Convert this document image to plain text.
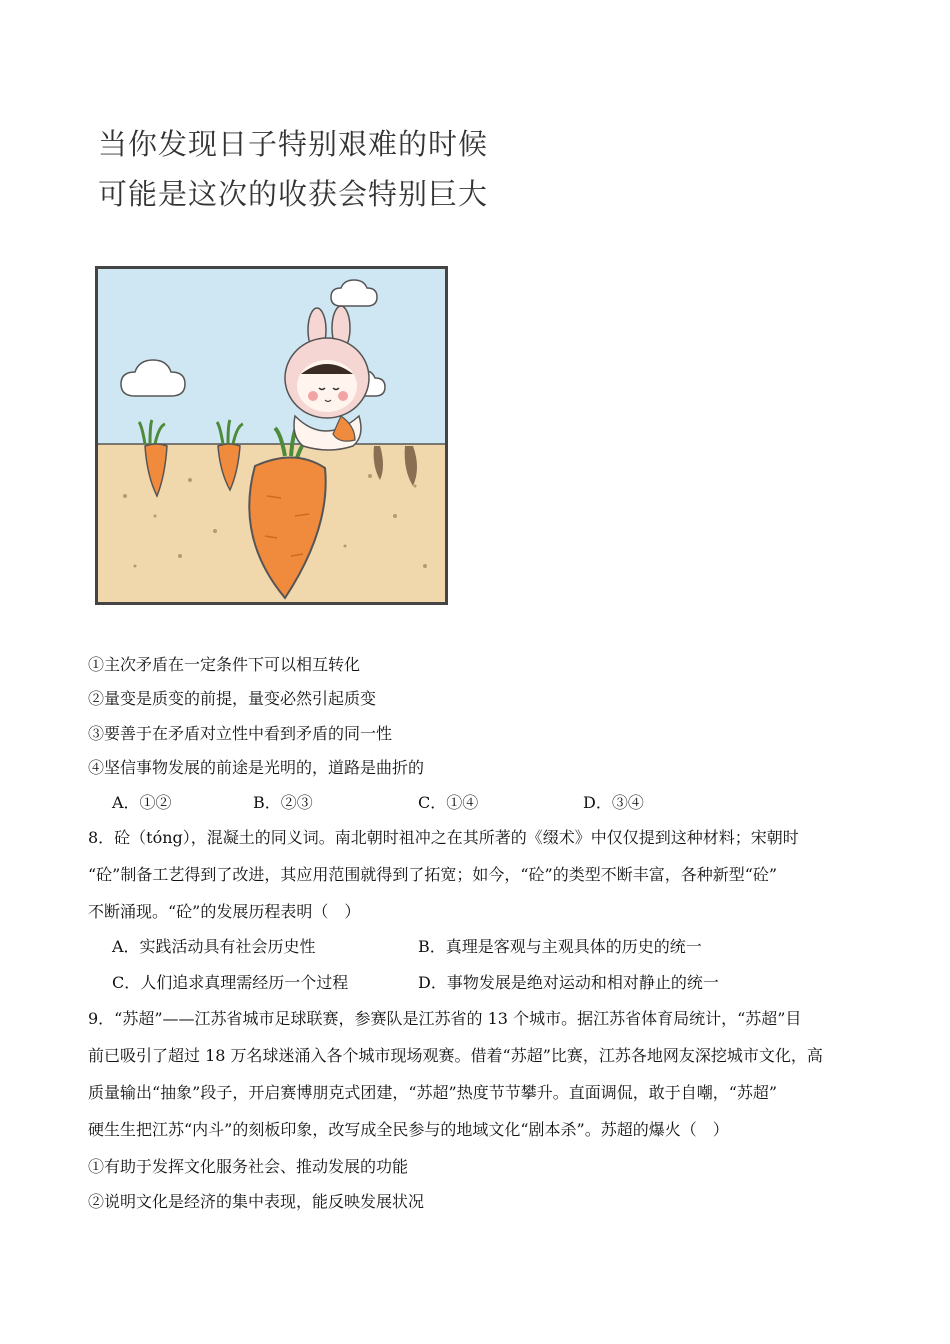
当你发现日子特别艰难的时候
可能是这次的收获会特别巨大
①主次矛盾在一定条件下可以相互转化
②量变是质变的前提，量变必然引起质变
③要善于在矛盾对立性中看到矛盾的同一性
④坚信事物发展的前途是光明的，道路是曲折的
A．①②	B．②③	C．①④	D．③④
8．砼（tóng），混凝土的同义词。南北朝时祖冲之在其所著的《缀术》中仅仅提到这种材料；宋朝时
“砼”制备工艺得到了改进，其应用范围就得到了拓宽；如今，“砼”的类型不断丰富，各种新型“砼”
不断涌现。“砼”的发展历程表明（　）
A．实践活动具有社会历史性	B．真理是客观与主观具体的历史的统一
C．人们追求真理需经历一个过程	D．事物发展是绝对运动和相对静止的统一
9．“苏超”——江苏省城市足球联赛，参赛队是江苏省的 13 个城市。据江苏省体育局统计，“苏超”目
前已吸引了超过 18 万名球迷涌入各个城市现场观赛。借着“苏超”比赛，江苏各地网友深挖城市文化，高
质量输出“抽象”段子，开启赛博朋克式团建，“苏超”热度节节攀升。直面调侃，敢于自嘲，“苏超”
硬生生把江苏“内斗”的刻板印象，改写成全民参与的地域文化“剧本杀”。苏超的爆火（　）
①有助于发挥文化服务社会、推动发展的功能
②说明文化是经济的集中表现，能反映发展状况
